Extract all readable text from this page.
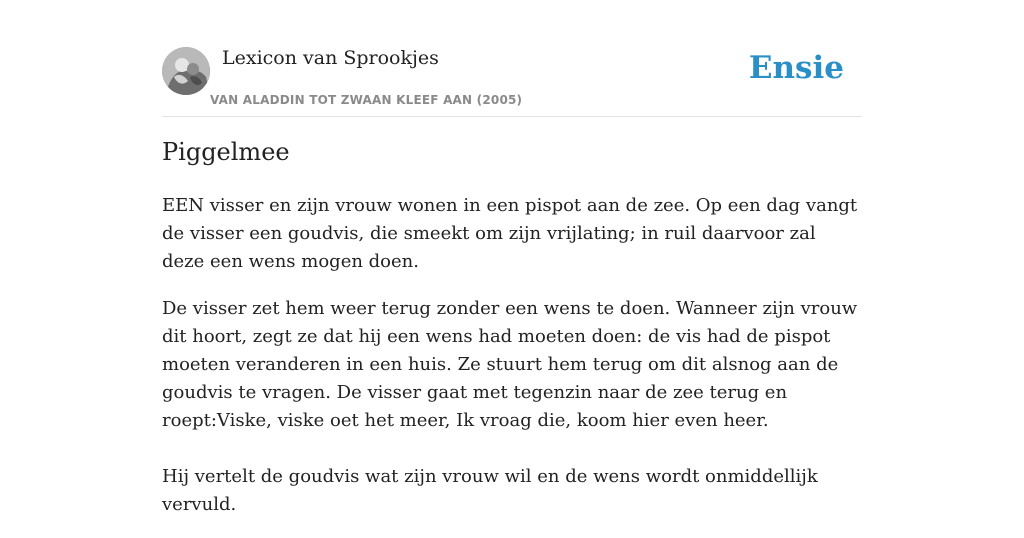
Lexicon van Sprookjes
VAN ALADDIN TOT ZWAAN KLEEF AAN (2005)
Ensie
Piggelmee

EEN visser en zijn vrouw wonen in een pispot aan de zee. Op een dag vangt de visser een goudvis, die smeekt om zijn vrijlating; in ruil daarvoor zal deze een wens mogen doen.

De visser zet hem weer terug zonder een wens te doen. Wanneer zijn vrouw dit hoort, zegt ze dat hij een wens had moeten doen: de vis had de pispot moeten veranderen in een huis. Ze stuurt hem terug om dit alsnog aan de goudvis te vragen. De visser gaat met tegenzin naar de zee terug en roept:Viske, viske oet het meer, Ik vroag die, koom hier even heer.

Hij vertelt de goudvis wat zijn vrouw wil en de wens wordt onmiddellijk vervuld.
